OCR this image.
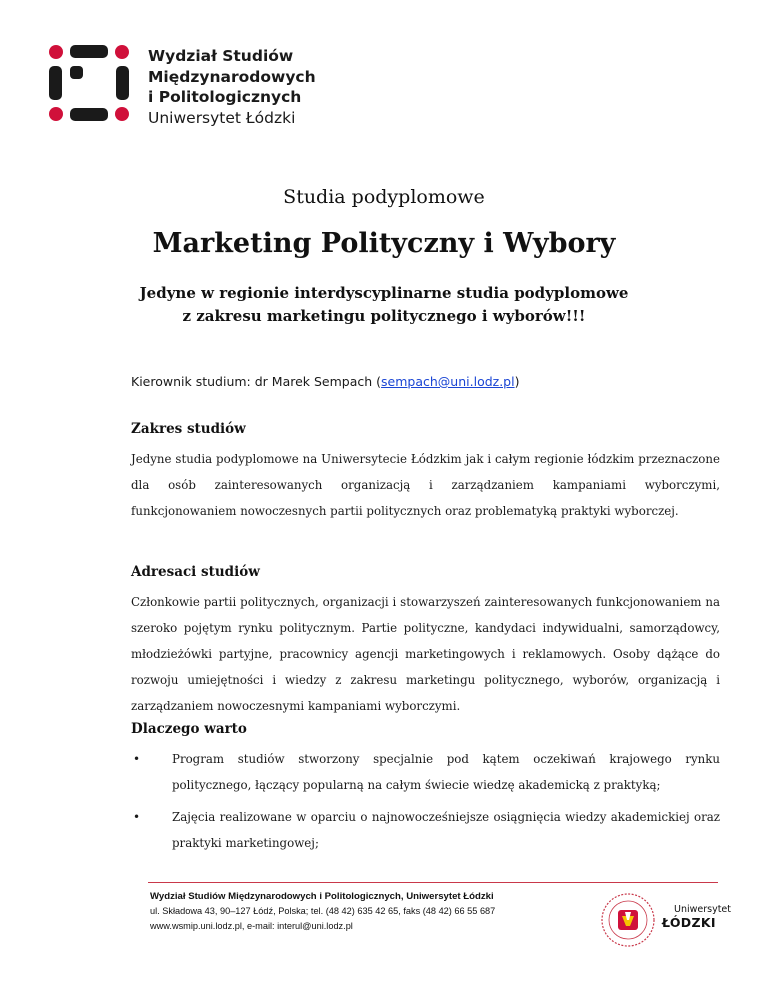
Wydział Studiów
Międzynarodowych
i Politologicznych
Uniwersytet Łódzki
Studia podyplomowe
Marketing Polityczny i Wybory
Jedyne w regionie interdyscyplinarne studia podyplomowe
z zakresu marketingu politycznego i wyborów!!!
Kierownik studium: dr Marek Sempach (sempach@uni.lodz.pl)
Zakres studiów

Jedyne studia podyplomowe na Uniwersytecie Łódzkim jak i całym regionie łódzkim przeznaczone dla osób zainteresowanych organizacją i zarządzaniem kampaniami wyborczymi, funkcjonowaniem nowoczesnych partii politycznych oraz problematyką praktyki wyborczej.

Adresaci studiów

Członkowie partii politycznych, organizacji i stowarzyszeń zainteresowanych funkcjonowaniem na szeroko pojętym rynku politycznym. Partie polityczne, kandydaci indywidualni, samorządowcy, młodzieżówki partyjne, pracownicy agencji marketingowych i reklamowych. Osoby dążące do rozwoju umiejętności i wiedzy z zakresu marketingu politycznego, wyborów, organizacją i zarządzaniem nowoczesnymi kampaniami wyborczymi.

Dlaczego warto
•	Program studiów stworzony specjalnie pod kątem oczekiwań krajowego rynku politycznego, łączący popularną na całym świecie wiedzę akademicką z praktyką;
•	Zajęcia realizowane w oparciu o najnowocześniejsze osiągnięcia wiedzy akademickiej oraz praktyki marketingowej;
Wydział Studiów Międzynarodowych i Politologicznych, Uniwersytet Łódzki
ul. Składowa 43, 90–127 Łódź, Polska; tel. (48 42) 635 42 65, faks (48 42) 66 55 687
www.wsmip.uni.lodz.pl, e-mail: interul@uni.lodz.pl
Uniwersytet
ŁÓDZKI
